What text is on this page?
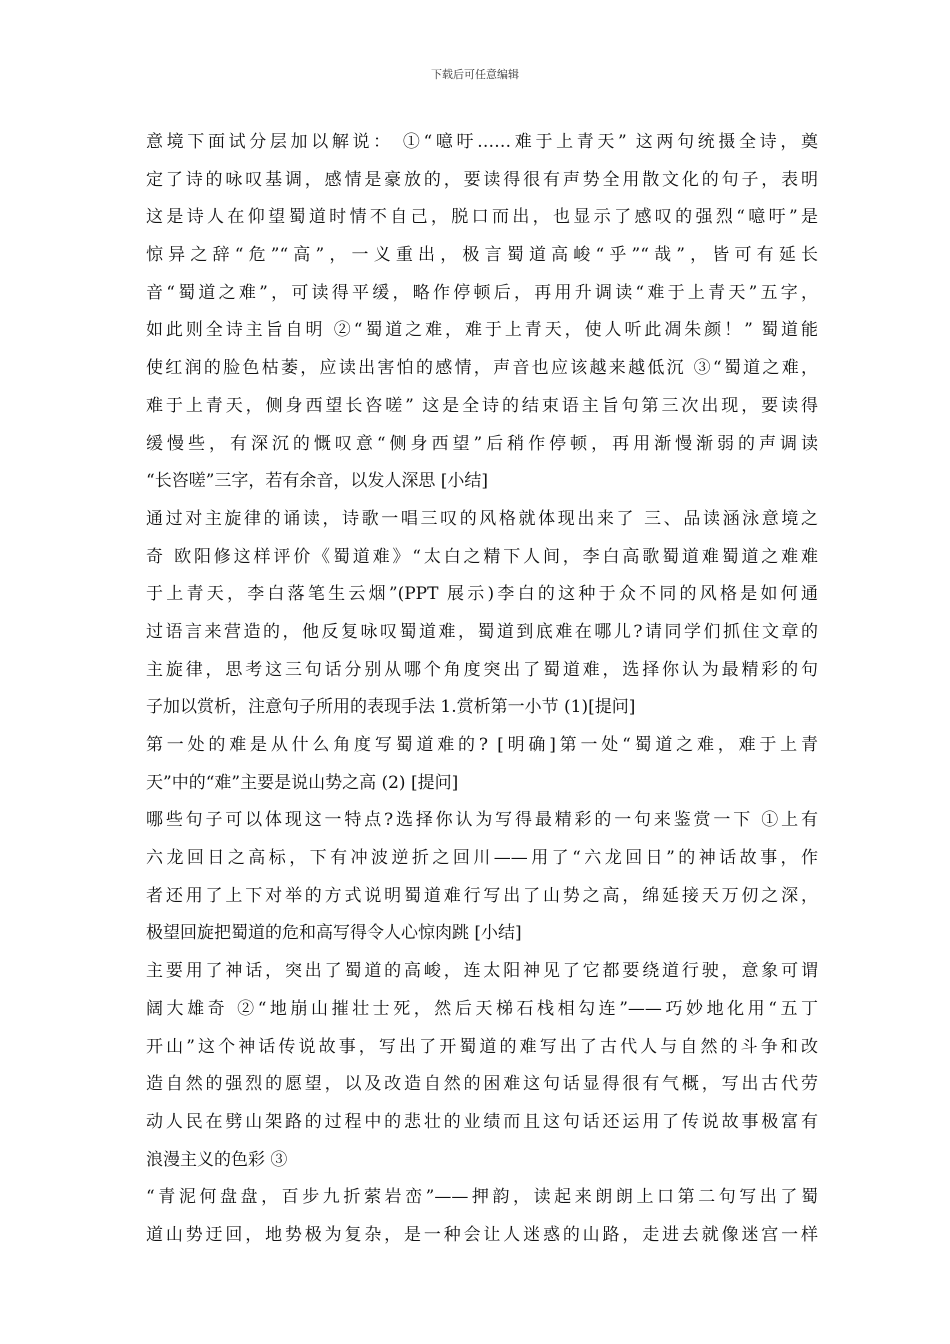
下载后可任意编辑
意境下面试分层加以解说： ①“噫吁……难于上青天” 这两句统摄全诗，奠
定了诗的咏叹基调，感情是豪放的，要读得很有声势全用散文化的句子，表明
这是诗人在仰望蜀道时情不自己，脱口而出，也显示了感叹的强烈“噫吁”是
惊异之辞“危”“高”，一义重出，极言蜀道高峻“乎”“哉”，皆可有延长
音“蜀道之难”，可读得平缓，略作停顿后，再用升调读“难于上青天”五字，
如此则全诗主旨自明 ②“蜀道之难，难于上青天，使人听此凋朱颜！” 蜀道能
使红润的脸色枯萎，应读出害怕的感情，声音也应该越来越低沉 ③“蜀道之难，
难于上青天，侧身西望长咨嗟” 这是全诗的结束语主旨句第三次出现，要读得
缓慢些，有深沉的慨叹意“侧身西望”后稍作停顿，再用渐慢渐弱的声调读
“长咨嗟”三字，若有余音，以发人深思 [小结]
通过对主旋律的诵读，诗歌一唱三叹的风格就体现出来了 三、品读涵泳意境之
奇 欧阳修这样评价《蜀道难》“太白之精下人间，李白高歌蜀道难蜀道之难难
于上青天，李白落笔生云烟”(PPT 展示)李白的这种于众不同的风格是如何通
过语言来营造的，他反复咏叹蜀道难，蜀道到底难在哪儿?请同学们抓住文章的
主旋律，思考这三句话分别从哪个角度突出了蜀道难，选择你认为最精彩的句
子加以赏析，注意句子所用的表现手法 1.赏析第一小节 (1)[提问]
第一处的难是从什么角度写蜀道难的? [明确]第一处“蜀道之难，难于上青
天”中的“难”主要是说山势之高 (2) [提问]
哪些句子可以体现这一特点?选择你认为写得最精彩的一句来鉴赏一下 ①上有
六龙回日之高标，下有冲波逆折之回川——用了“六龙回日”的神话故事，作
者还用了上下对举的方式说明蜀道难行写出了山势之高，绵延接天万仞之深，
极望回旋把蜀道的危和高写得令人心惊肉跳 [小结]
主要用了神话，突出了蜀道的高峻，连太阳神见了它都要绕道行驶，意象可谓
阔大雄奇 ②“地崩山摧壮士死，然后天梯石栈相勾连”——巧妙地化用“五丁
开山”这个神话传说故事，写出了开蜀道的难写出了古代人与自然的斗争和改
造自然的强烈的愿望，以及改造自然的困难这句话显得很有气概，写出古代劳
动人民在劈山架路的过程中的悲壮的业绩而且这句话还运用了传说故事极富有
浪漫主义的色彩 ③
“青泥何盘盘，百步九折萦岩峦”——押韵，读起来朗朗上口第二句写出了蜀
道山势迂回，地势极为复杂，是一种会让人迷惑的山路，走进去就像迷宫一样
